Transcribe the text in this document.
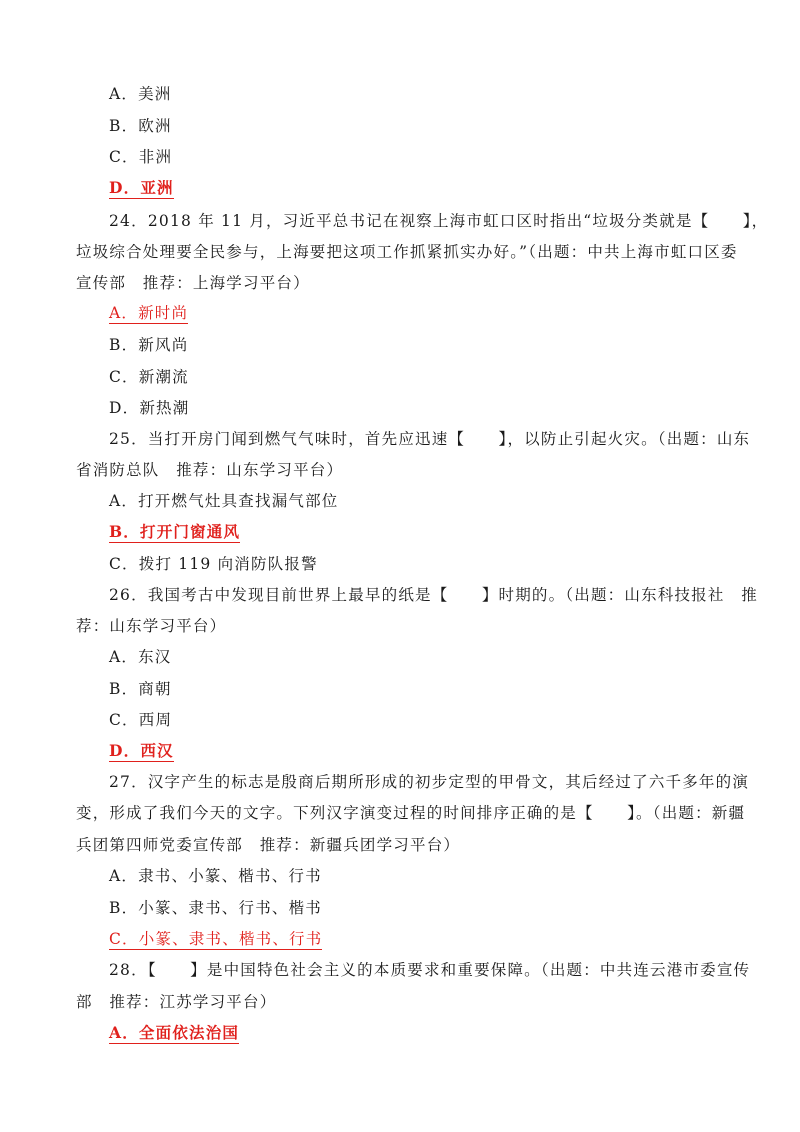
A．美洲
B．欧洲
C．非洲
D．亚洲
24．2018 年 11 月，习近平总书记在视察上海市虹口区时指出“垃圾分类就是【　　】，
垃圾综合处理要全民参与，上海要把这项工作抓紧抓实办好。”（出题：中共上海市虹口区委
宣传部　推荐：上海学习平台）
A．新时尚
B．新风尚
C．新潮流
D．新热潮
25．当打开房门闻到燃气气味时，首先应迅速【　　】，以防止引起火灾。（出题：山东
省消防总队　推荐：山东学习平台）
A．打开燃气灶具查找漏气部位
B．打开门窗通风
C．拨打 119 向消防队报警
26．我国考古中发现目前世界上最早的纸是【　　】时期的。（出题：山东科技报社　推
荐：山东学习平台）
A．东汉
B．商朝
C．西周
D．西汉
27．汉字产生的标志是殷商后期所形成的初步定型的甲骨文，其后经过了六千多年的演
变，形成了我们今天的文字。下列汉字演变过程的时间排序正确的是【　　】。（出题：新疆
兵团第四师党委宣传部　推荐：新疆兵团学习平台）
A．隶书、小篆、楷书、行书
B．小篆、隶书、行书、楷书
C．小篆、隶书、楷书、行书
28．【　　】是中国特色社会主义的本质要求和重要保障。（出题：中共连云港市委宣传
部　推荐：江苏学习平台）
A．全面依法治国
